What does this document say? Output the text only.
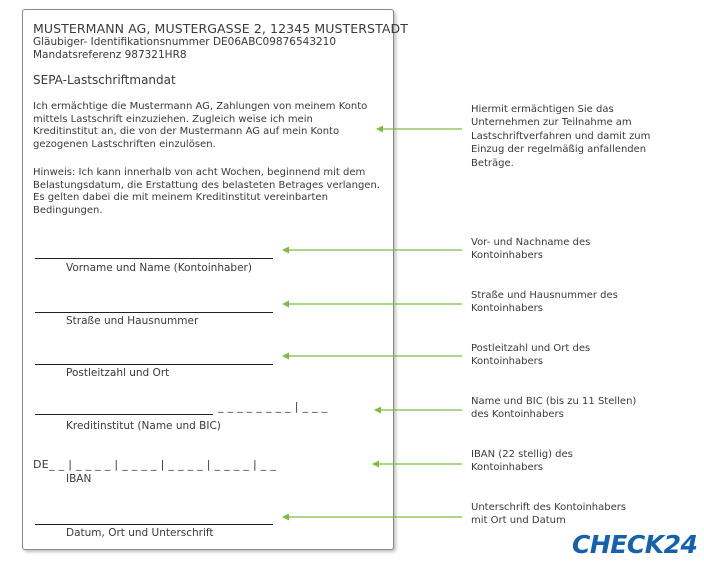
MUSTERMANN AG, MUSTERGASSE 2, 12345 MUSTERSTADT
Gläubiger- Identifikationsnummer DE06ABC09876543210
Mandatsreferenz 987321HR8
SEPA-Lastschriftmandat
Ich ermächtige die Mustermann AG, Zahlungen von meinem Konto
mittels Lastschrift einzuziehen. Zugleich weise ich mein
Kreditinstitut an, die von der Mustermann AG auf mein Konto
gezogenen Lastschriften einzulösen.
Hinweis: Ich kann innerhalb von acht Wochen, beginnend mit dem
Belastungsdatum, die Erstattung des belasteten Betrages verlangen.
Es gelten dabei die mit meinem Kreditinstitut vereinbarten
Bedingungen.
Vorname und Name (Kontoinhaber)
Straße und Hausnummer
Postleitzahl und Ort
_ _ _ _ _ _ _ _ | _ _ _
Kreditinstitut (Name und BIC)
DE_ _ | _ _ _ _ | _ _ _ _ | _ _ _ _ | _ _ _ _ | _ _
IBAN
Datum, Ort und Unterschrift
Hiermit ermächtigen Sie das
Unternehmen zur Teilnahme am
Lastschriftverfahren und damit zum
Einzug der regelmäßig anfallenden
Beträge.
Vor- und Nachname des
Kontoinhabers
Straße und Hausnummer des
Kontoinhabers
Postleitzahl und Ort des
Kontoinhabers
Name und BIC (bis zu 11 Stellen)
des Kontoinhabers
IBAN (22 stellig) des
Kontoinhabers
Unterschrift des Kontoinhabers
mit Ort und Datum
CHECK24
